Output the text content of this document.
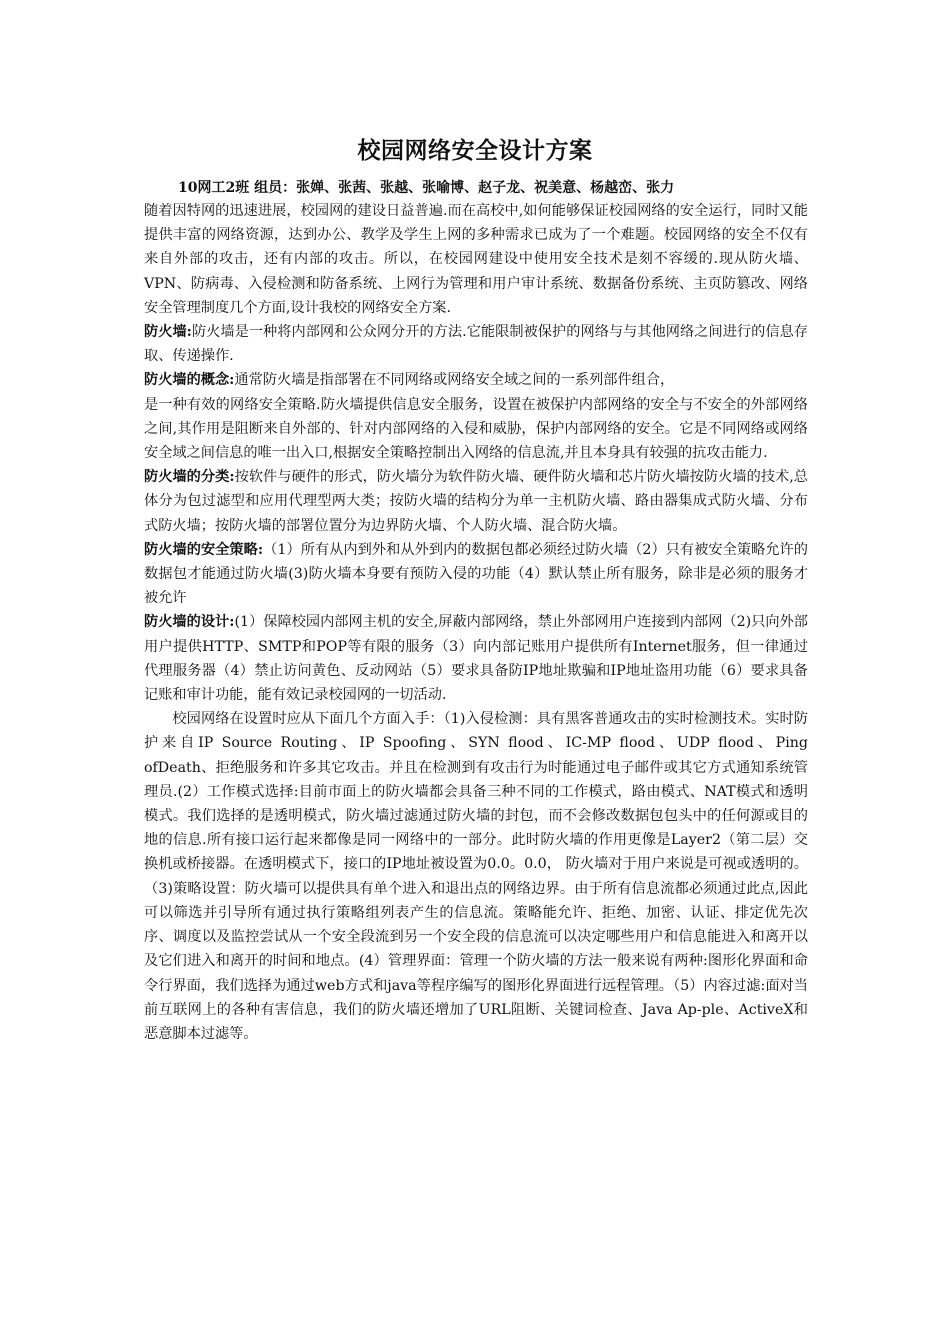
校园网络安全设计方案

10网工2班 组员：张婵、张茜、张越、张喻博、赵子龙、祝美意、杨越峦、张力

随着因特网的迅速进展，校园网的建设日益普遍.而在高校中,如何能够保证校园网络的安全运行，同时又能提供丰富的网络资源，达到办公、教学及学生上网的多种需求已成为了一个难题。校园网络的安全不仅有来自外部的攻击，还有内部的攻击。所以，在校园网建设中使用安全技术是刻不容缓的.现从防火墙、VPN、防病毒、入侵检测和防备系统、上网行为管理和用户审计系统、数据备份系统、主页防篡改、网络安全管理制度几个方面,设计我校的网络安全方案.

防火墙:防火墙是一种将内部网和公众网分开的方法.它能限制被保护的网络与与其他网络之间进行的信息存取、传递操作.

防火墙的概念:通常防火墙是指部署在不同网络或网络安全域之间的一系列部件组合，

是一种有效的网络安全策略.防火墙提供信息安全服务，设置在被保护内部网络的安全与不安全的外部网络之间,其作用是阻断来自外部的、针对内部网络的入侵和威胁，保护内部网络的安全。它是不同网络或网络安全域之间信息的唯一出入口,根据安全策略控制出入网络的信息流,并且本身具有较强的抗攻击能力.

防火墙的分类:按软件与硬件的形式，防火墙分为软件防火墙、硬件防火墙和芯片防火墙按防火墙的技术,总体分为包过滤型和应用代理型两大类；按防火墙的结构分为单一主机防火墙、路由器集成式防火墙、分布式防火墙；按防火墙的部署位置分为边界防火墙、个人防火墙、混合防火墙。

防火墙的安全策略:（1）所有从内到外和从外到内的数据包都必须经过防火墙（2）只有被安全策略允许的数据包才能通过防火墙(3)防火墙本身要有预防入侵的功能（4）默认禁止所有服务，除非是必须的服务才被允许

防火墙的设计:(1）保障校园内部网主机的安全,屏蔽内部网络，禁止外部网用户连接到内部网（2)只向外部用户提供HTTP、SMTP和POP等有限的服务（3）向内部记账用户提供所有Internet服务，但一律通过代理服务器（4）禁止访问黄色、反动网站（5）要求具备防IP地址欺骗和IP地址盗用功能（6）要求具备记账和审计功能，能有效记录校园网的一切活动.

校园网络在设置时应从下面几个方面入手：（1)入侵检测：具有黑客普通攻击的实时检测技术。实时防护来自IP Source Routing、IP Spoofing、SYN flood、IC-MP flood、UDP flood、Ping ofDeath、拒绝服务和许多其它攻击。并且在检测到有攻击行为时能通过电子邮件或其它方式通知系统管理员.(2）工作模式选择:目前市面上的防火墙都会具备三种不同的工作模式，路由模式、NAT模式和透明模式。我们选择的是透明模式，防火墙过滤通过防火墙的封包，而不会修改数据包包头中的任何源或目的地的信息.所有接口运行起来都像是同一网络中的一部分。此时防火墙的作用更像是Layer2（第二层）交换机或桥接器。在透明模式下，接口的IP地址被设置为0.0。0.0， 防火墙对于用户来说是可视或透明的。（3)策略设置：防火墙可以提供具有单个进入和退出点的网络边界。由于所有信息流都必须通过此点,因此可以筛选并引导所有通过执行策略组列表产生的信息流。策略能允许、拒绝、加密、认证、排定优先次序、调度以及监控尝试从一个安全段流到另一个安全段的信息流可以决定哪些用户和信息能进入和离开以及它们进入和离开的时间和地点。(4）管理界面：管理一个防火墙的方法一般来说有两种:图形化界面和命令行界面，我们选择为通过web方式和java等程序编写的图形化界面进行远程管理。（5）内容过滤:面对当前互联网上的各种有害信息，我们的防火墙还增加了URL阻断、关键词检查、Java Ap-ple、ActiveX和恶意脚本过滤等。
